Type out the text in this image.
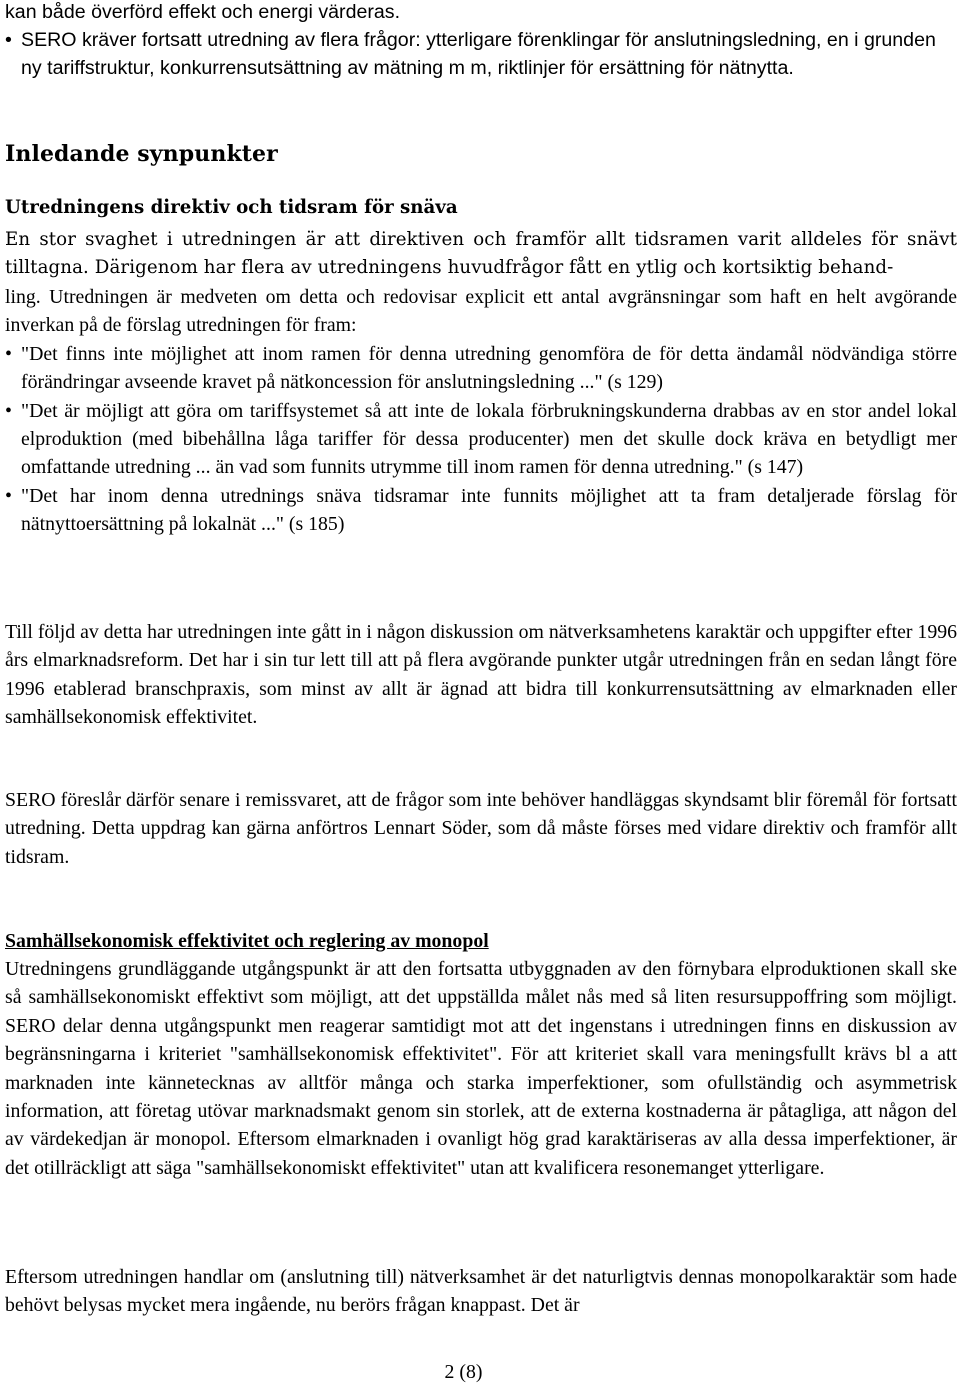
kan både överförd effekt och energi värderas.

• SERO kräver fortsatt utredning av flera frågor: ytterligare förenklingar för anslutningsledning, en i grunden ny tariffstruktur, konkurrensutsättning av mätning m m, riktlinjer för ersättning för nätnytta.

Inledande synpunkter

Utredningens direktiv och tidsram för snäva

En stor svaghet i utredningen är att direktiven och framför allt tidsramen varit alldeles för snävt tilltagna. Därigenom har flera av utredningens huvudfrågor fått en ytlig och kortsiktig behand-

ling. Utredningen är medveten om detta och redovisar explicit ett antal avgränsningar som haft en helt avgörande inverkan på de förslag utredningen för fram:

• "Det finns inte möjlighet att inom ramen för denna utredning genomföra de för detta ändamål nödvändiga större förändringar avseende kravet på nätkoncession för anslutningsledning ..." (s 129)
• "Det är möjligt att göra om tariffsystemet så att inte de lokala förbrukningskunderna drabbas av en stor andel lokal elproduktion (med bibehållna låga tariffer för dessa producenter) men det skulle dock kräva en betydligt mer omfattande utredning ... än vad som funnits utrymme till inom ramen för denna utredning." (s 147)
• "Det har inom denna utrednings snäva tidsramar inte funnits möjlighet att ta fram detaljerade förslag för nätnyttoersättning på lokalnät ..." (s 185)

Till följd av detta har utredningen inte gått in i någon diskussion om nätverksamhetens karaktär och uppgifter efter 1996 års elmarknadsreform. Det har i sin tur lett till att på flera avgörande punkter utgår utredningen från en sedan långt före 1996 etablerad branschpraxis, som minst av allt är ägnad att bidra till konkurrensutsättning av elmarknaden eller samhällsekonomisk effektivitet.

SERO föreslår därför senare i remissvaret, att de frågor som inte behöver handläggas skyndsamt blir föremål för fortsatt utredning. Detta uppdrag kan gärna anförtros Lennart Söder, som då måste förses med vidare direktiv och framför allt tidsram.

Samhällsekonomisk effektivitet och reglering av monopol

Utredningens grundläggande utgångspunkt är att den fortsatta utbyggnaden av den förnybara elproduktionen skall ske så samhällsekonomiskt effektivt som möjligt, att det uppställda målet nås med så liten resursuppoffring som möjligt. SERO delar denna utgångspunkt men reagerar samtidigt mot att det ingenstans i utredningen finns en diskussion av begränsningarna i kriteriet "samhällsekonomisk effektivitet". För att kriteriet skall vara meningsfullt krävs bl a att marknaden inte kännetecknas av alltför många och starka imperfektioner, som ofullständig och asymmetrisk information, att företag utövar marknadsmakt genom sin storlek, att de externa kostnaderna är påtagliga, att någon del av värdekedjan är monopol. Eftersom elmarknaden i ovanligt hög grad karaktäriseras av alla dessa imperfektioner, är det otillräckligt att säga "samhällsekonomiskt effektivitet" utan att kvalificera resonemanget ytterligare.

Eftersom utredningen handlar om (anslutning till) nätverksamhet är det naturligtvis dennas monopolkaraktär som hade behövt belysas mycket mera ingående, nu berörs frågan knappast. Det är

2 (8)
